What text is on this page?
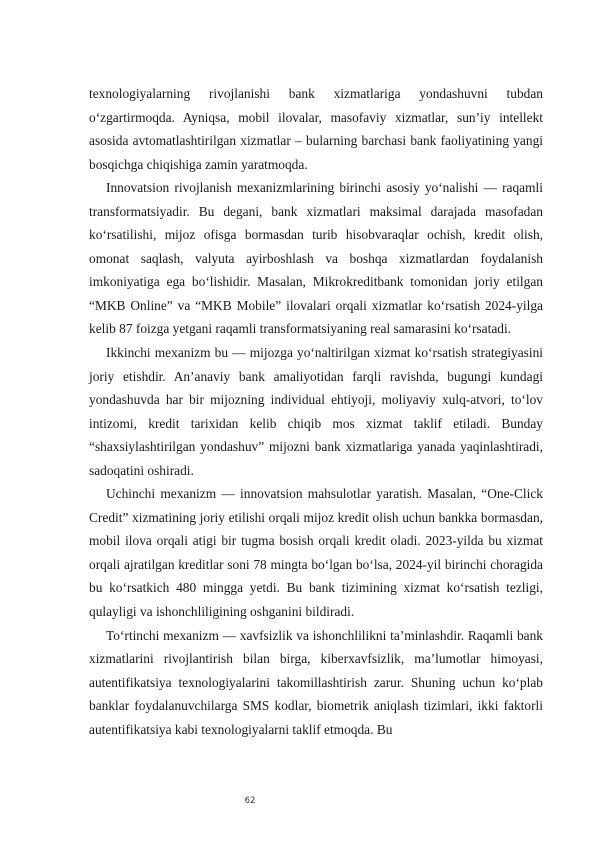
texnologiyalarning rivojlanishi bank xizmatlariga yondashuvni tubdan o‘zgartirmoqda. Ayniqsa, mobil ilovalar, masofaviy xizmatlar, sun’iy intellekt asosida avtomatlashtirilgan xizmatlar – bularning barchasi bank faoliyatining yangi bosqichga chiqishiga zamin yaratmoqda.

Innovatsion rivojlanish mexanizmlarining birinchi asosiy yo‘nalishi — raqamli transformatsiyadir. Bu degani, bank xizmatlari maksimal darajada masofadan ko‘rsatilishi, mijoz ofisga bormasdan turib hisobvaraqlar ochish, kredit olish, omonat saqlash, valyuta ayirboshlash va boshqa xizmatlardan foydalanish imkoniyatiga ega bo‘lishidir. Masalan, Mikrokreditbank tomonidan joriy etilgan “MKB Online” va “MKB Mobile” ilovalari orqali xizmatlar ko‘rsatish 2024-yilga kelib 87 foizga yetgani raqamli transformatsiyaning real samarasini ko‘rsatadi.

Ikkinchi mexanizm bu — mijozga yo‘naltirilgan xizmat ko‘rsatish strategiyasini joriy etishdir. An’anaviy bank amaliyotidan farqli ravishda, bugungi kundagi yondashuvda har bir mijozning individual ehtiyoji, moliyaviy xulq-atvori, to‘lov intizomi, kredit tarixidan kelib chiqib mos xizmat taklif etiladi. Bunday “shaxsiylashtirilgan yondashuv” mijozni bank xizmatlariga yanada yaqinlashtiradi, sadoqatini oshiradi.

Uchinchi mexanizm — innovatsion mahsulotlar yaratish. Masalan, “One-Click Credit” xizmatining joriy etilishi orqali mijoz kredit olish uchun bankka bormasdan, mobil ilova orqali atigi bir tugma bosish orqali kredit oladi. 2023-yilda bu xizmat orqali ajratilgan kreditlar soni 78 mingta bo‘lgan bo‘lsa, 2024-yil birinchi choragida bu ko‘rsatkich 480 mingga yetdi. Bu bank tizimining xizmat ko‘rsatish tezligi, qulayligi va ishonchliligining oshganini bildiradi.

To‘rtinchi mexanizm — xavfsizlik va ishonchlilikni ta’minlashdir. Raqamli bank xizmatlarini rivojlantirish bilan birga, kiberxavfsizlik, ma’lumotlar himoyasi, autentifikatsiya texnologiyalarini takomillashtirish zarur. Shuning uchun ko‘plab banklar foydalanuvchilarga SMS kodlar, biometrik aniqlash tizimlari, ikki faktorli autentifikatsiya kabi texnologiyalarni taklif etmoqda. Bu

62
